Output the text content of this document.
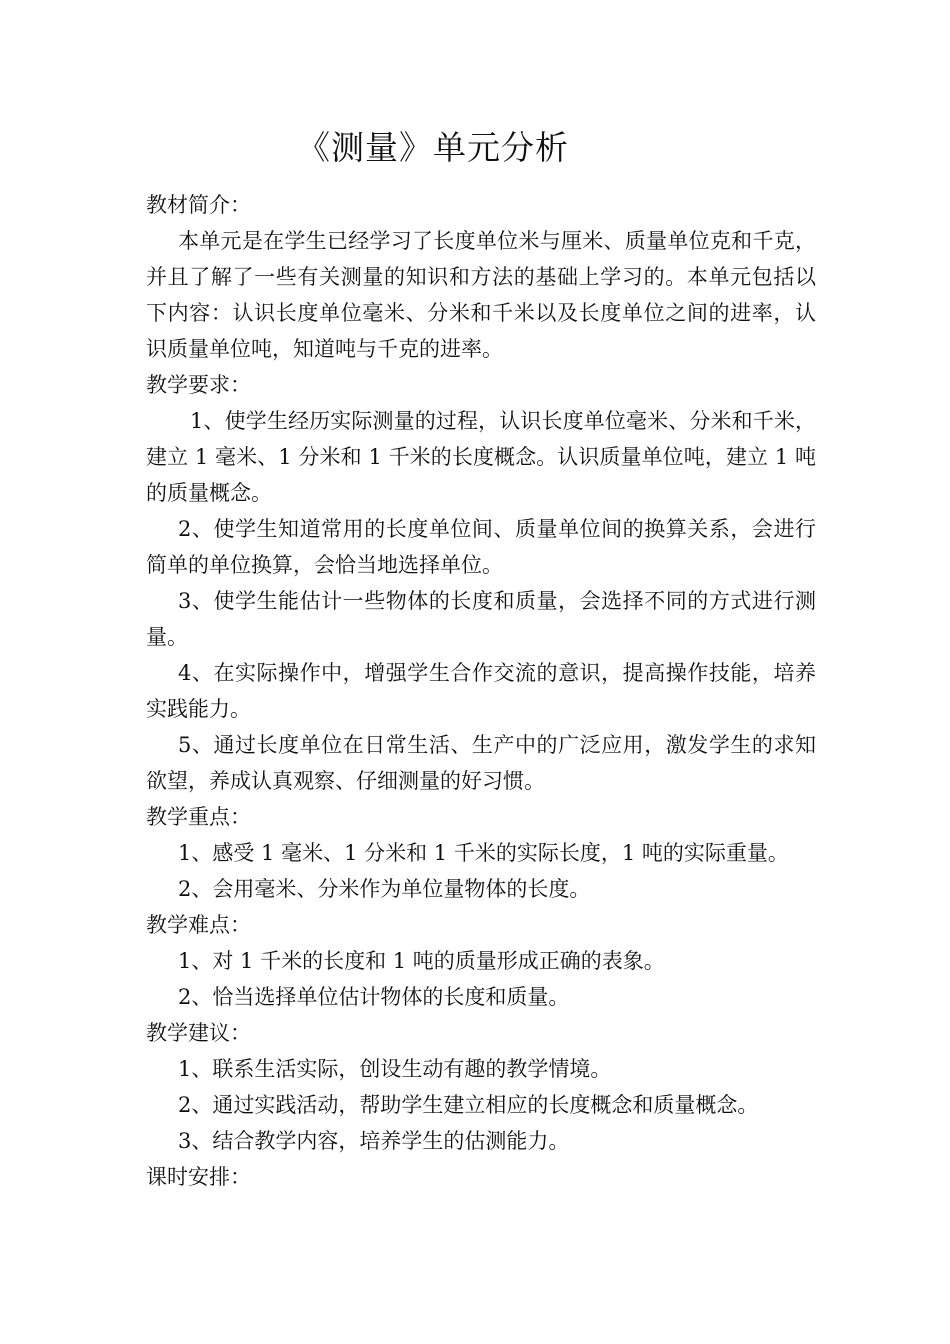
《测量》单元分析

教材简介：

本单元是在学生已经学习了长度单位米与厘米、质量单位克和千克，并且了解了一些有关测量的知识和方法的基础上学习的。本单元包括以下内容：认识长度单位毫米、分米和千米以及长度单位之间的进率，认识质量单位吨，知道吨与千克的进率。

教学要求：

1、使学生经历实际测量的过程，认识长度单位毫米、分米和千米，建立 1 毫米、1 分米和 1 千米的长度概念。认识质量单位吨，建立 1 吨的质量概念。

2、使学生知道常用的长度单位间、质量单位间的换算关系，会进行简单的单位换算，会恰当地选择单位。

3、使学生能估计一些物体的长度和质量，会选择不同的方式进行测量。

4、在实际操作中，增强学生合作交流的意识，提高操作技能，培养实践能力。

5、通过长度单位在日常生活、生产中的广泛应用，激发学生的求知欲望，养成认真观察、仔细测量的好习惯。

教学重点：

1、感受 1 毫米、1 分米和 1 千米的实际长度，1 吨的实际重量。

2、会用毫米、分米作为单位量物体的长度。

教学难点：

1、对 1 千米的长度和 1 吨的质量形成正确的表象。

2、恰当选择单位估计物体的长度和质量。

教学建议：

1、联系生活实际，创设生动有趣的教学情境。

2、通过实践活动，帮助学生建立相应的长度概念和质量概念。

3、结合教学内容，培养学生的估测能力。

课时安排：
